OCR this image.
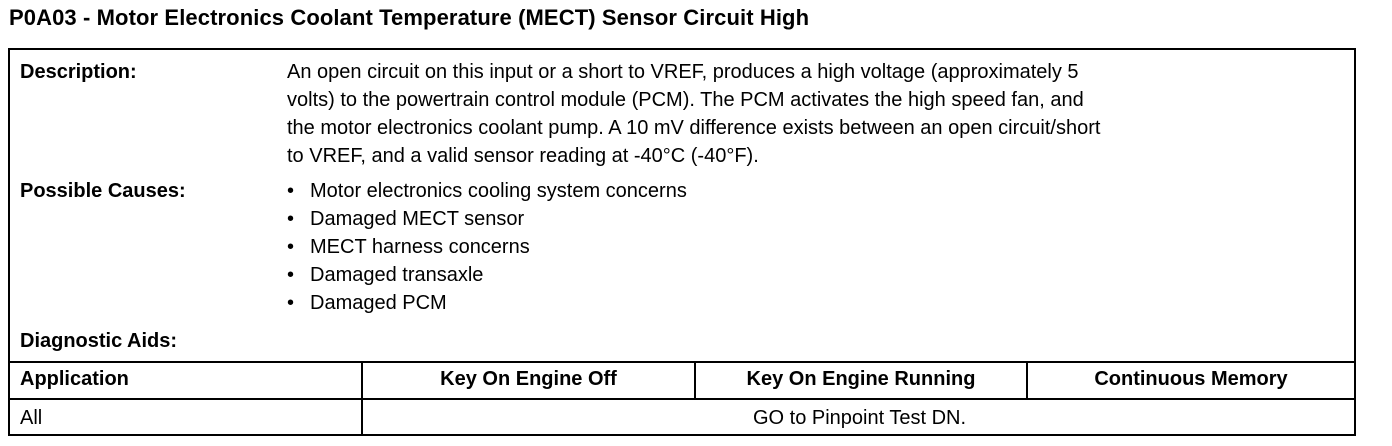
P0A03 - Motor Electronics Coolant Temperature (MECT) Sensor Circuit High
Description:	An open circuit on this input or a short to VREF, produces a high voltage (approximately 5
volts) to the powertrain control module (PCM). The PCM activates the high speed fan, and
the motor electronics coolant pump. A 10 mV difference exists between an open circuit/short
to VREF, and a valid sensor reading at -40°C (-40°F).
Possible Causes:	• Motor electronics cooling system concerns
• Damaged MECT sensor
• MECT harness concerns
• Damaged transaxle
• Damaged PCM
Diagnostic Aids:
Application	Key On Engine Off	Key On Engine Running	Continuous Memory
All	GO to Pinpoint Test DN.
